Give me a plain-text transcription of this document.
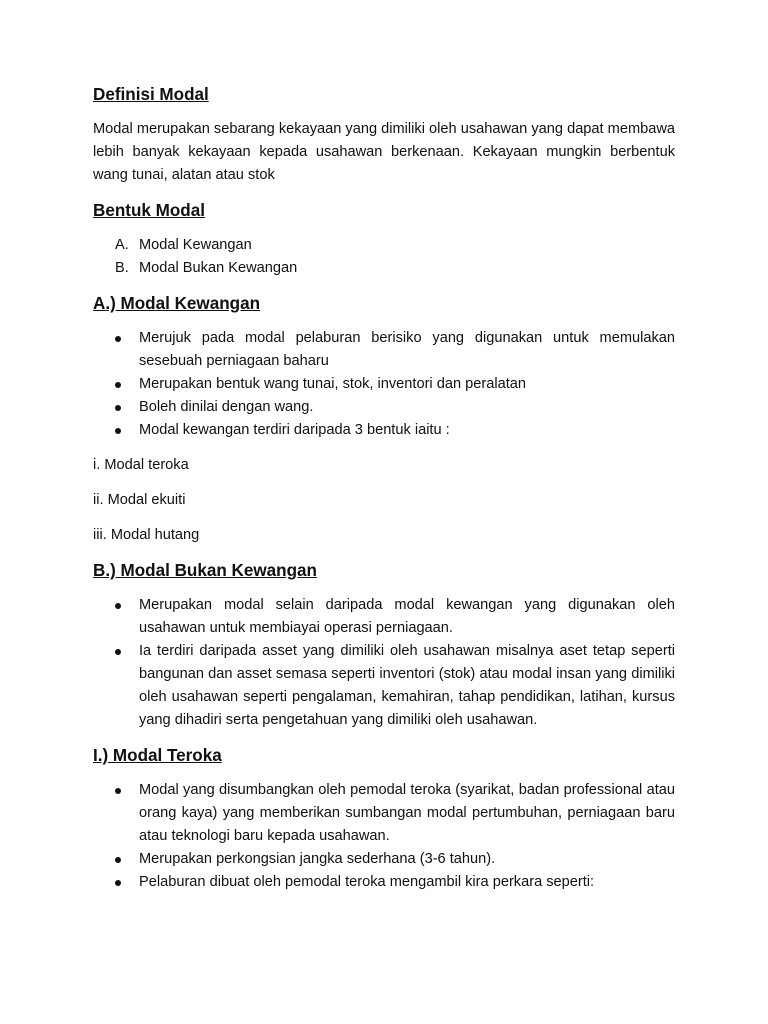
Definisi Modal

Modal merupakan sebarang kekayaan yang dimiliki oleh usahawan yang dapat membawa lebih banyak kekayaan kepada usahawan berkenaan. Kekayaan mungkin berbentuk wang tunai, alatan atau stok

Bentuk Modal
A. Modal Kewangan
B. Modal Bukan Kewangan
A.) Modal Kewangan
Merujuk pada modal pelaburan berisiko yang digunakan untuk memulakan sesebuah perniagaan baharu
Merupakan bentuk wang tunai, stok, inventori dan peralatan
Boleh dinilai dengan wang.
Modal kewangan terdiri daripada 3 bentuk iaitu :

i. Modal teroka

ii. Modal ekuiti

iii. Modal hutang

B.) Modal Bukan Kewangan
Merupakan modal selain daripada modal kewangan yang digunakan oleh usahawan untuk membiayai operasi perniagaan.
Ia terdiri daripada asset yang dimiliki oleh usahawan misalnya aset tetap seperti bangunan dan asset semasa seperti inventori (stok) atau modal insan yang dimiliki oleh usahawan seperti pengalaman, kemahiran, tahap pendidikan, latihan, kursus yang dihadiri serta pengetahuan yang dimiliki oleh usahawan.
I.) Modal Teroka
Modal yang disumbangkan oleh pemodal teroka (syarikat, badan professional atau orang kaya) yang memberikan sumbangan modal pertumbuhan, perniagaan baru atau teknologi baru kepada usahawan.
Merupakan perkongsian jangka sederhana (3-6 tahun).
Pelaburan dibuat oleh pemodal teroka mengambil kira perkara seperti:
